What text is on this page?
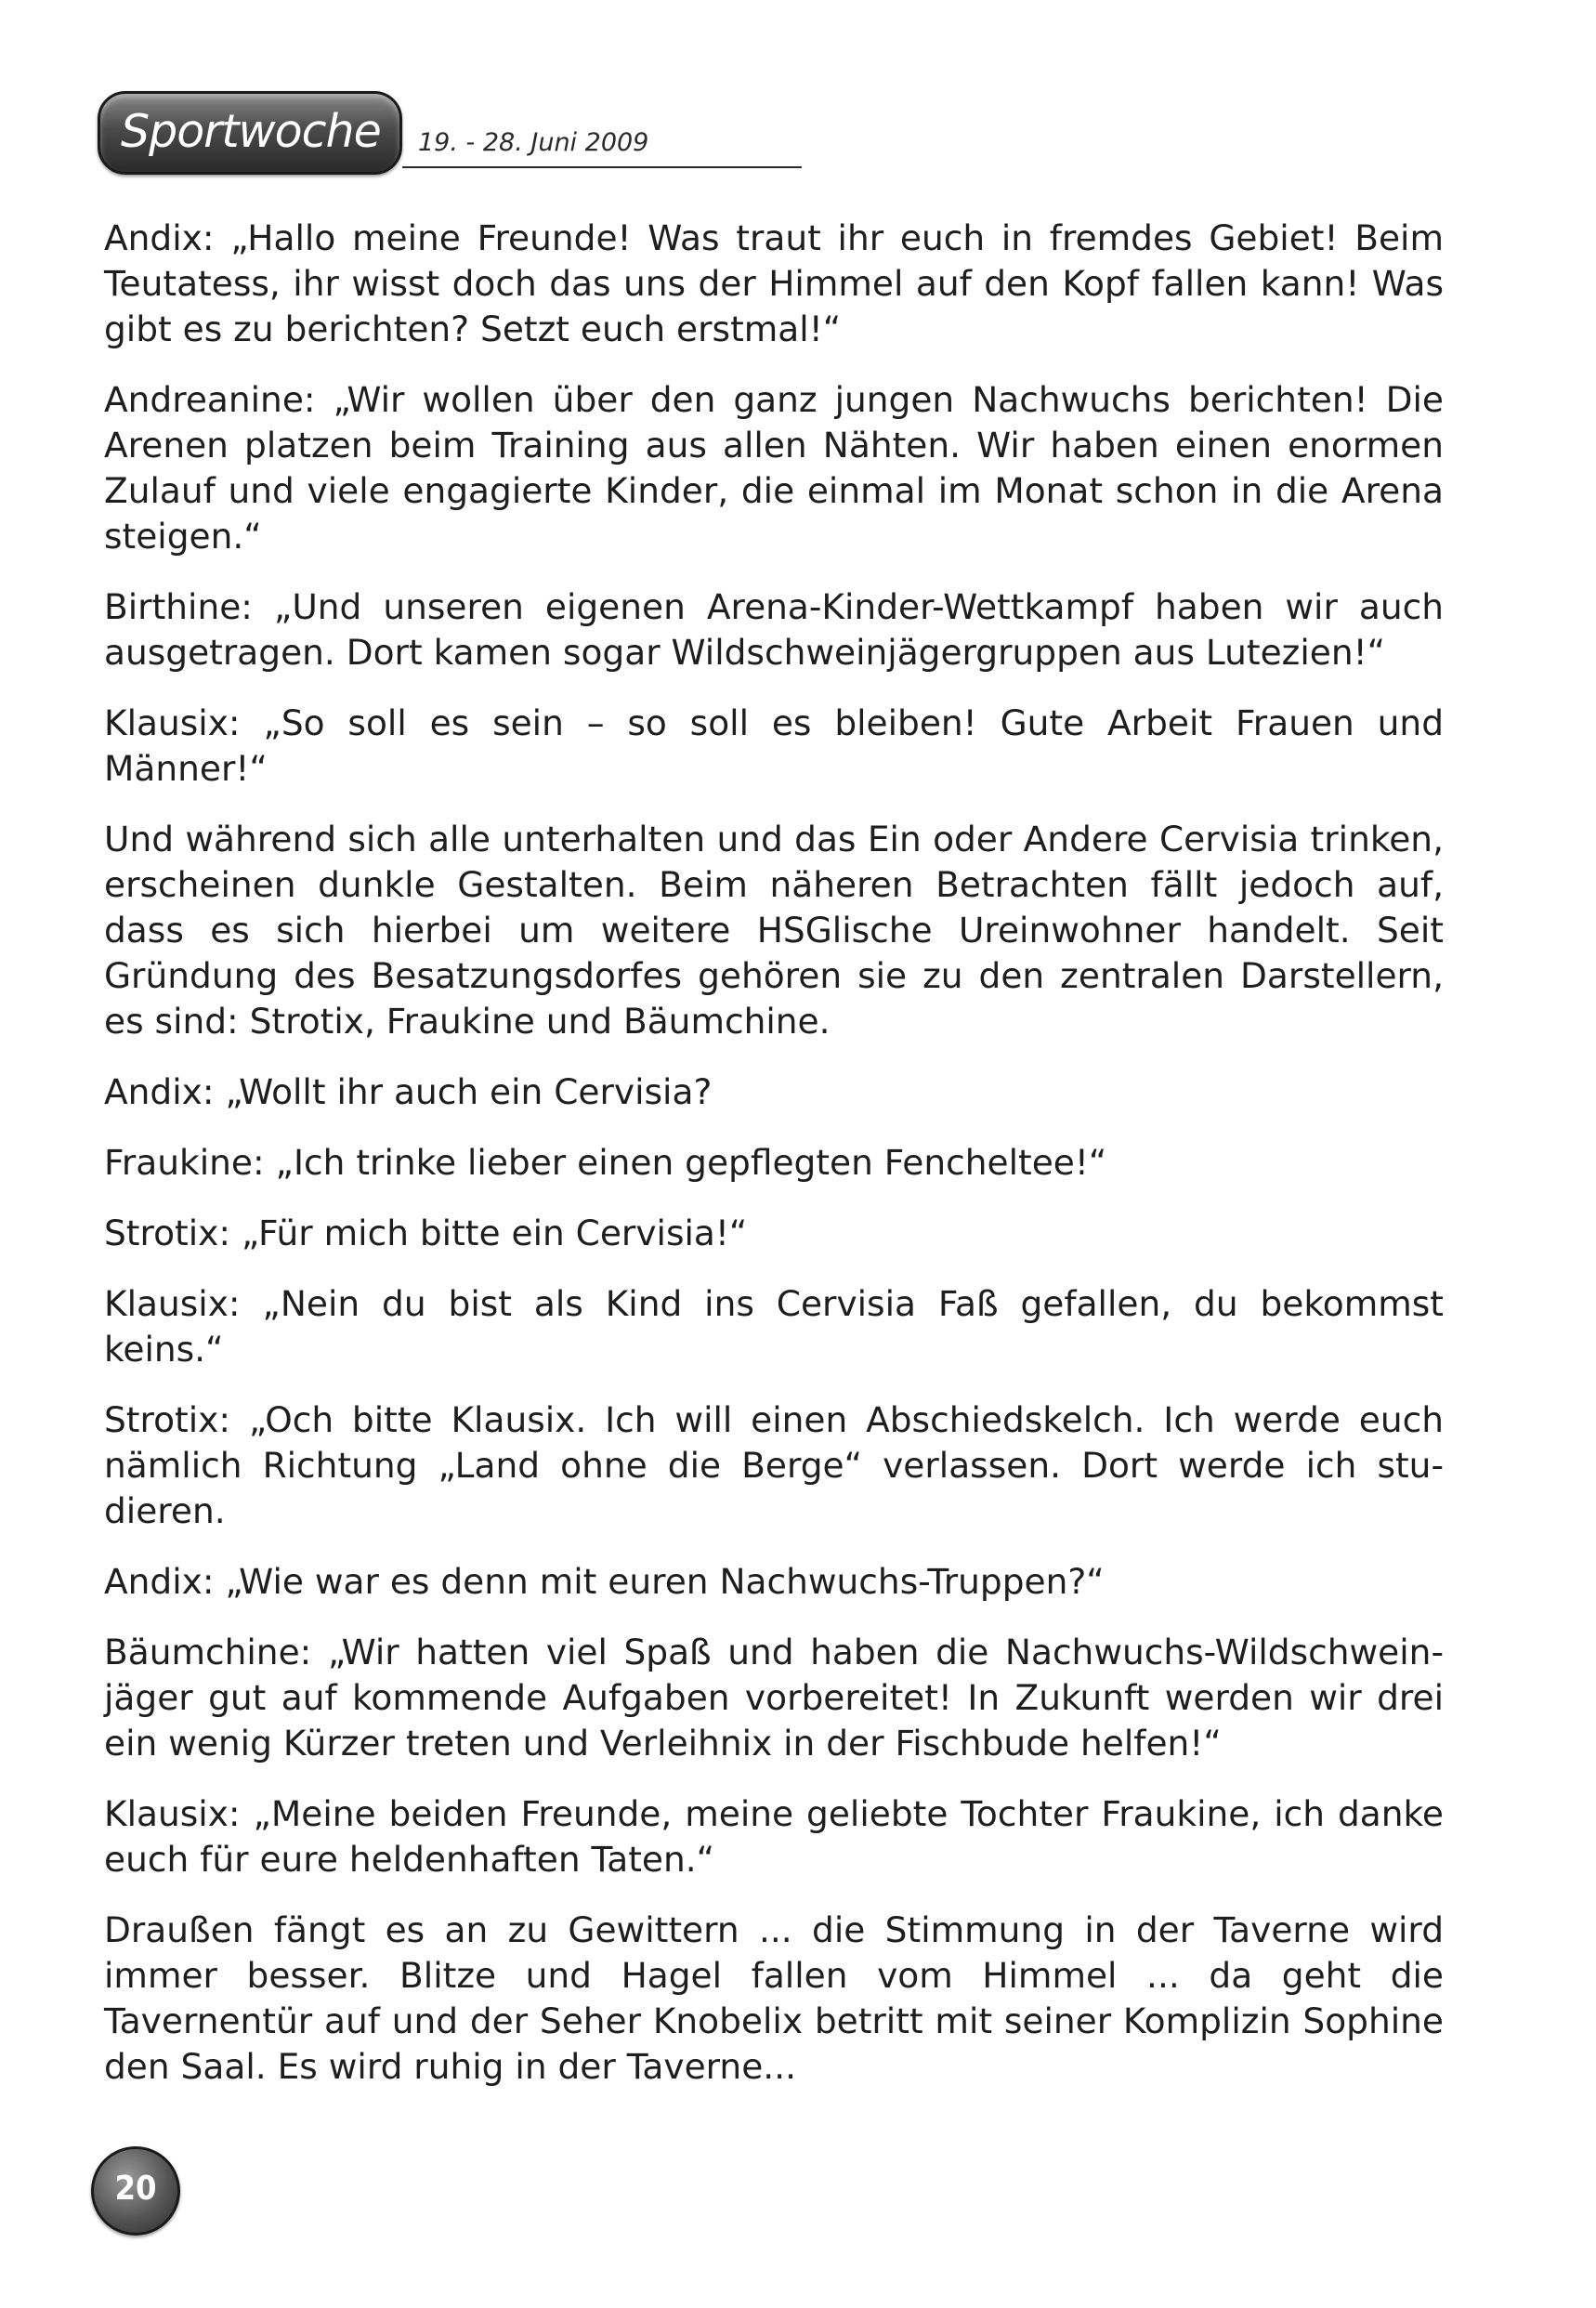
Sportwoche 19. - 28. Juni 2009

Andix: „Hallo meine Freunde! Was traut ihr euch in fremdes Gebiet! Beim Teutatess, ihr wisst doch das uns der Himmel auf den Kopf fallen kann! Was gibt es zu berichten? Setzt euch erstmal!“

Andreanine: „Wir wollen über den ganz jungen Nachwuchs berichten! Die Arenen platzen beim Training aus allen Nähten. Wir haben einen enormen Zulauf und viele engagierte Kinder, die einmal im Monat schon in die Arena steigen.“

Birthine: „Und unseren eigenen Arena-Kinder-Wettkampf haben wir auch ausgetragen. Dort kamen sogar Wildschweinjägergruppen aus Lutezien!“

Klausix: „So soll es sein – so soll es bleiben! Gute Arbeit Frauen und Männer!“

Und während sich alle unterhalten und das Ein oder Andere Cervisia trinken, erscheinen dunkle Gestalten. Beim näheren Betrachten fällt jedoch auf, dass es sich hierbei um weitere HSGlische Ureinwohner handelt. Seit Gründung des Besatzungsdorfes gehören sie zu den zentralen Darstellern, es sind: Strotix, Fraukine und Bäumchine.

Andix: „Wollt ihr auch ein Cervisia?

Fraukine: „Ich trinke lieber einen gepflegten Fencheltee!“

Strotix: „Für mich bitte ein Cervisia!“

Klausix: „Nein du bist als Kind ins Cervisia Faß gefallen, du bekommst keins.“

Strotix: „Och bitte Klausix. Ich will einen Abschiedskelch. Ich werde euch nämlich Richtung „Land ohne die Berge“ verlassen. Dort werde ich studieren.

Andix: „Wie war es denn mit euren Nachwuchs-Truppen?“

Bäumchine: „Wir hatten viel Spaß und haben die Nachwuchs-Wildschweinjäger gut auf kommende Aufgaben vorbereitet! In Zukunft werden wir drei ein wenig Kürzer treten und Verleihnix in der Fischbude helfen!“

Klausix: „Meine beiden Freunde, meine geliebte Tochter Fraukine, ich danke euch für eure heldenhaften Taten.“

Draußen fängt es an zu Gewittern ... die Stimmung in der Taverne wird immer besser. Blitze und Hagel fallen vom Himmel ... da geht die Tavernentür auf und der Seher Knobelix betritt mit seiner Komplizin Sophine den Saal. Es wird ruhig in der Taverne...

20
